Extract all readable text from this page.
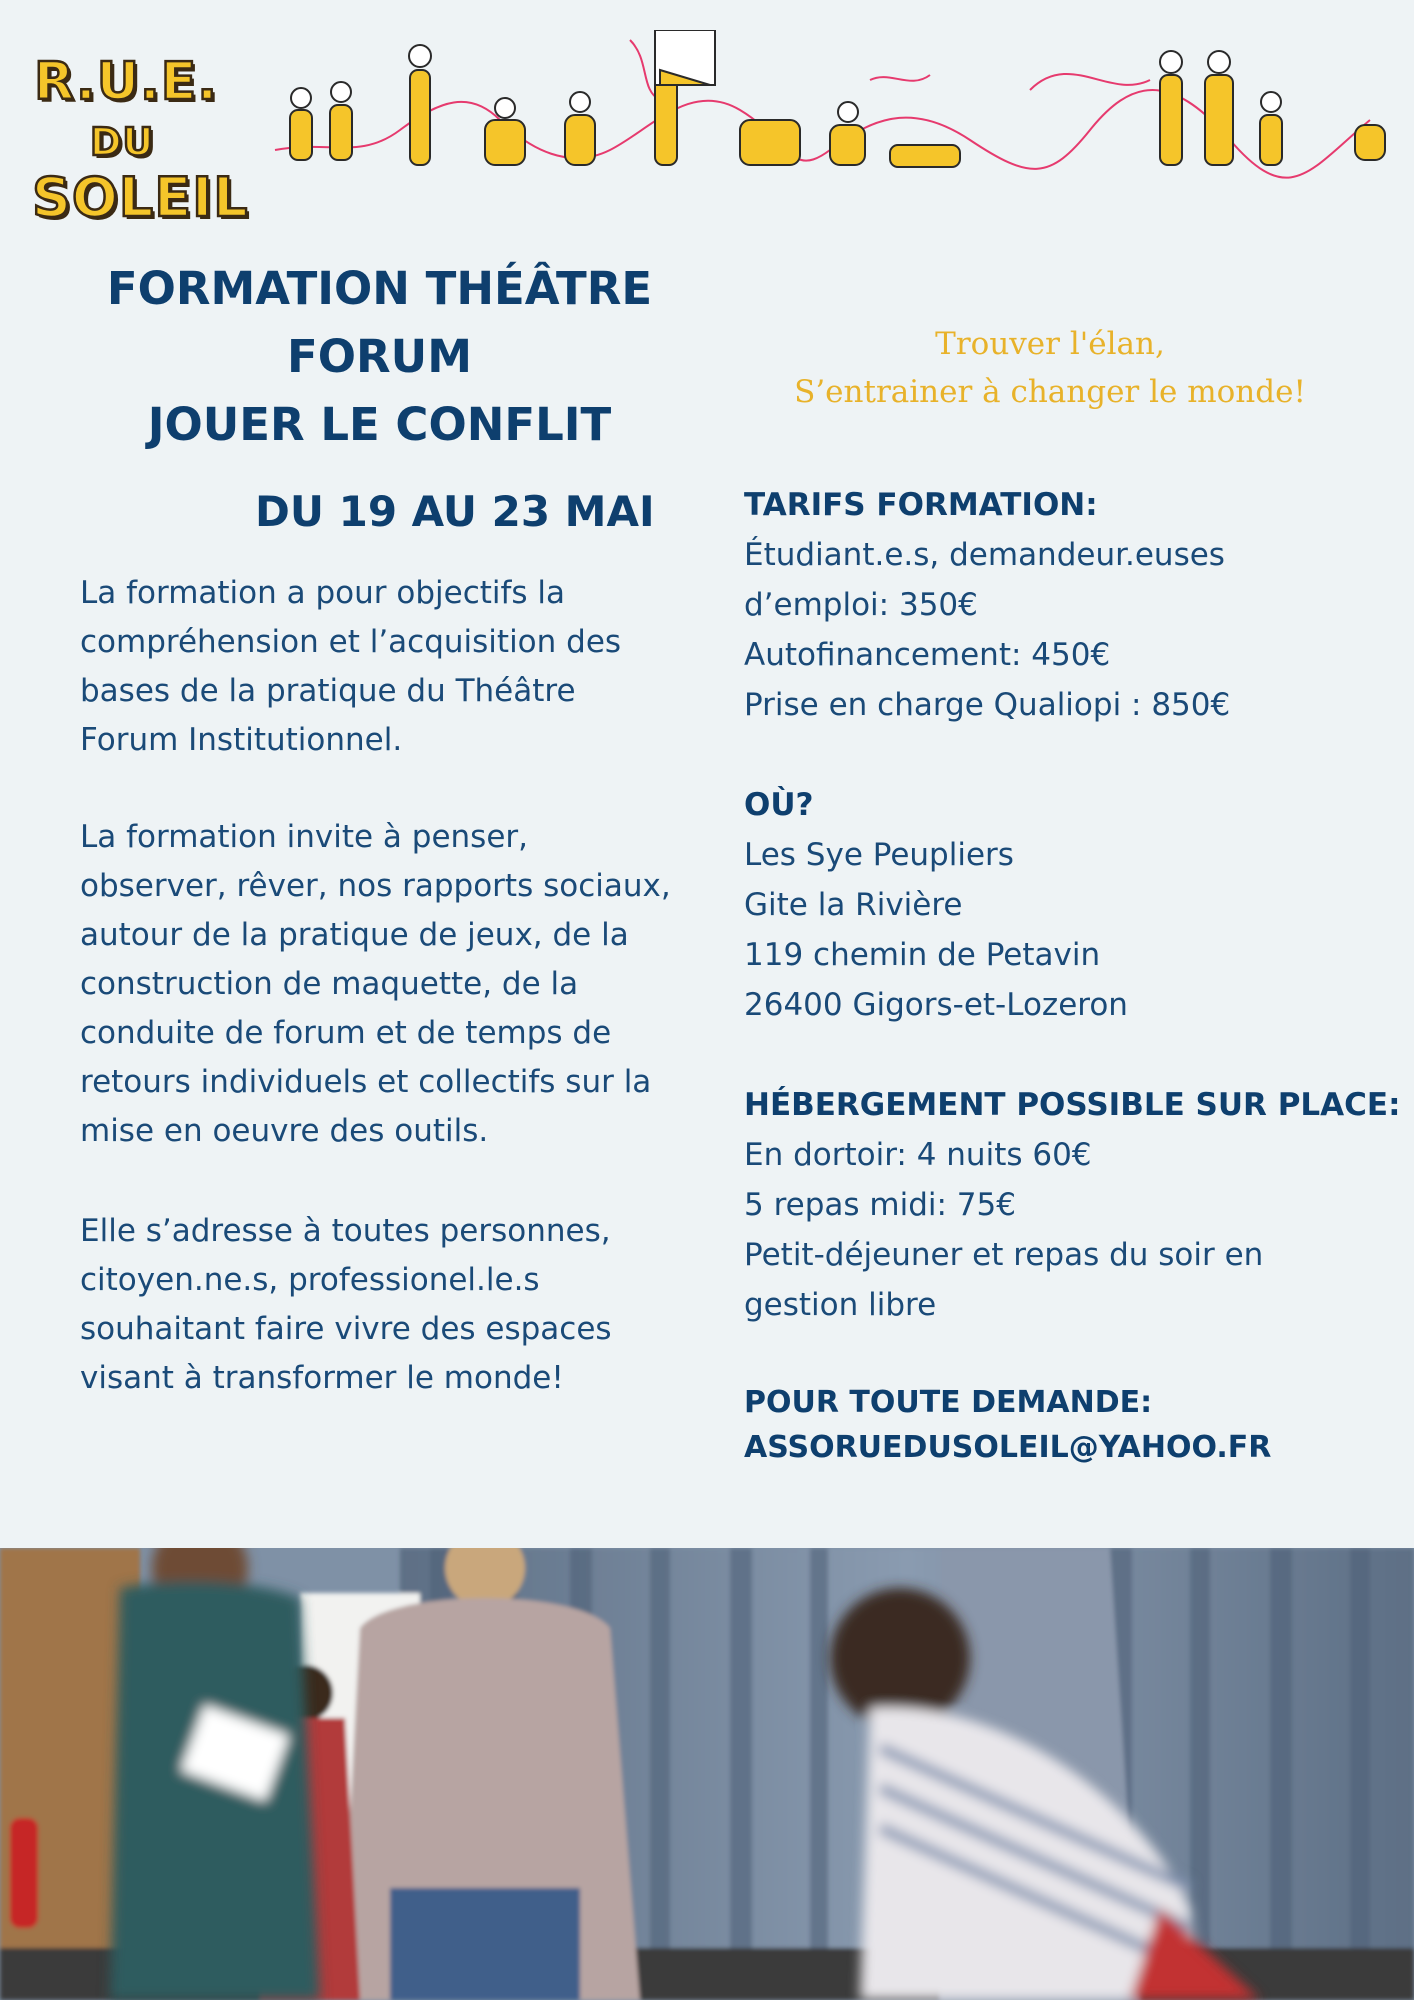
R.U.E.
DU
SOLEIL
FORMATION THÉÂTRE
FORUM
JOUER LE CONFLIT
DU 19 AU 23 MAI

La formation a pour objectifs la
compréhension et l’acquisition des
bases de la pratique du Théâtre
Forum Institutionnel.

La formation invite à penser,
observer, rêver, nos rapports sociaux,
autour de la pratique de jeux, de la
construction de maquette, de la
conduite de forum et de temps de
retours individuels et collectifs sur la
mise en oeuvre des outils.

Elle s’adresse à toutes personnes,
citoyen.ne.s, professionel.le.s
souhaitant faire vivre des espaces
visant à transformer le monde!

Trouver l'élan,
S’entrainer à changer le monde!
TARIFS FORMATION:
Étudiant.e.s, demandeur.euses
d’emploi: 350€
Autofinancement: 450€
Prise en charge Qualiopi : 850€
OÙ?
Les Sye Peupliers
Gite la Rivière
119 chemin de Petavin
26400 Gigors-et-Lozeron
HÉBERGEMENT POSSIBLE SUR PLACE:
En dortoir: 4 nuits 60€
5 repas midi: 75€
Petit-déjeuner et repas du soir en
gestion libre
POUR TOUTE DEMANDE:
ASSORUEDUSOLEIL@YAHOO.FR
